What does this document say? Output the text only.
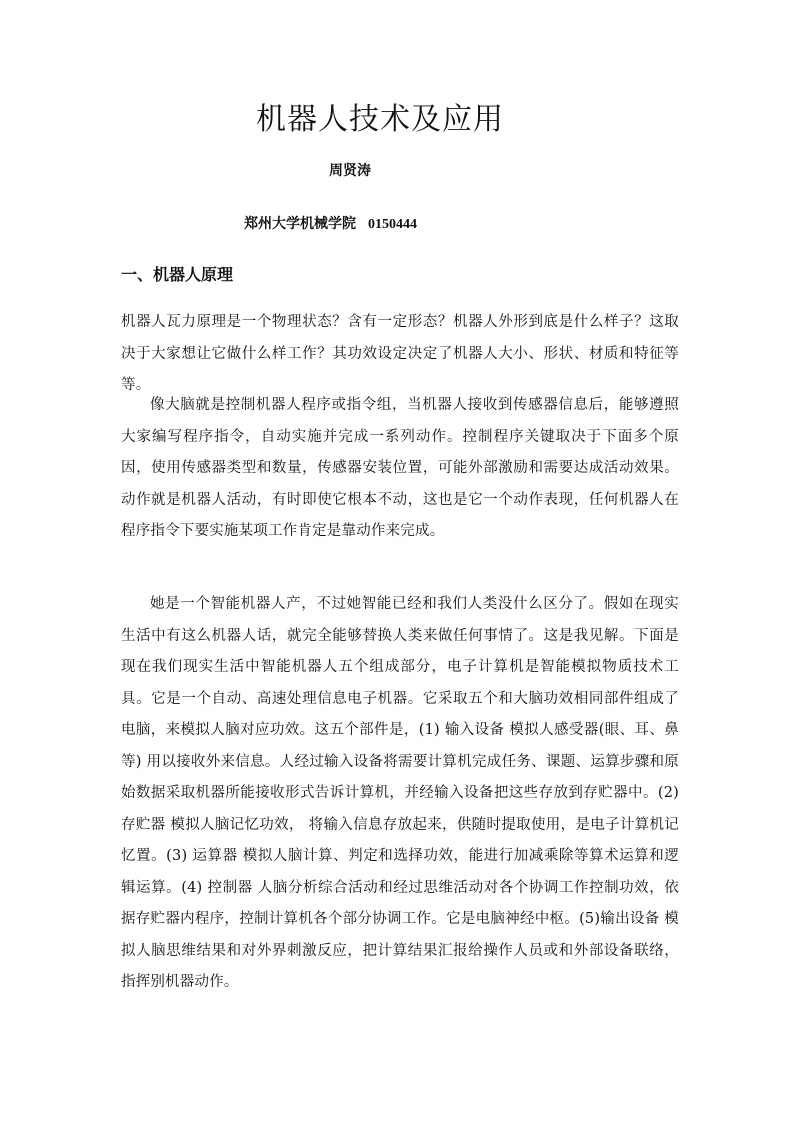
机器人技术及应用
周贤涛
郑州大学机械学院 0150444
一、机器人原理

机器人瓦力原理是一个物理状态？含有一定形态？机器人外形到底是什么样子？这取决于大家想让它做什么样工作？其功效设定决定了机器人大小、形状、材质和特征等等。

像大脑就是控制机器人程序或指令组，当机器人接收到传感器信息后，能够遵照大家编写程序指令，自动实施并完成一系列动作。控制程序关键取决于下面多个原因，使用传感器类型和数量，传感器安装位置，可能外部激励和需要达成活动效果。动作就是机器人活动，有时即使它根本不动，这也是它一个动作表现，任何机器人在程序指令下要实施某项工作肯定是靠动作来完成。

她是一个智能机器人产，不过她智能已经和我们人类没什么区分了。假如在现实生活中有这么机器人话，就完全能够替换人类来做任何事情了。这是我见解。下面是现在我们现实生活中智能机器人五个组成部分，电子计算机是智能模拟物质技术工具。它是一个自动、高速处理信息电子机器。它采取五个和大脑功效相同部件组成了电脑，来模拟人脑对应功效。这五个部件是，(1) 输入设备 模拟人感受器(眼、耳、鼻等) 用以接收外来信息。人经过输入设备将需要计算机完成任务、课题、运算步骤和原始数据采取机器所能接收形式告诉计算机，并经输入设备把这些存放到存贮器中。(2) 存贮器 模拟人脑记忆功效， 将输入信息存放起来，供随时提取使用，是电子计算机记忆置。(3) 运算器 模拟人脑计算、判定和选择功效，能进行加减乘除等算术运算和逻辑运算。(4) 控制器 人脑分析综合活动和经过思维活动对各个协调工作控制功效，依据存贮器内程序，控制计算机各个部分协调工作。它是电脑神经中枢。(5)输出设备 模拟人脑思维结果和对外界刺激反应，把计算结果汇报给操作人员或和外部设备联络，指挥别机器动作。
